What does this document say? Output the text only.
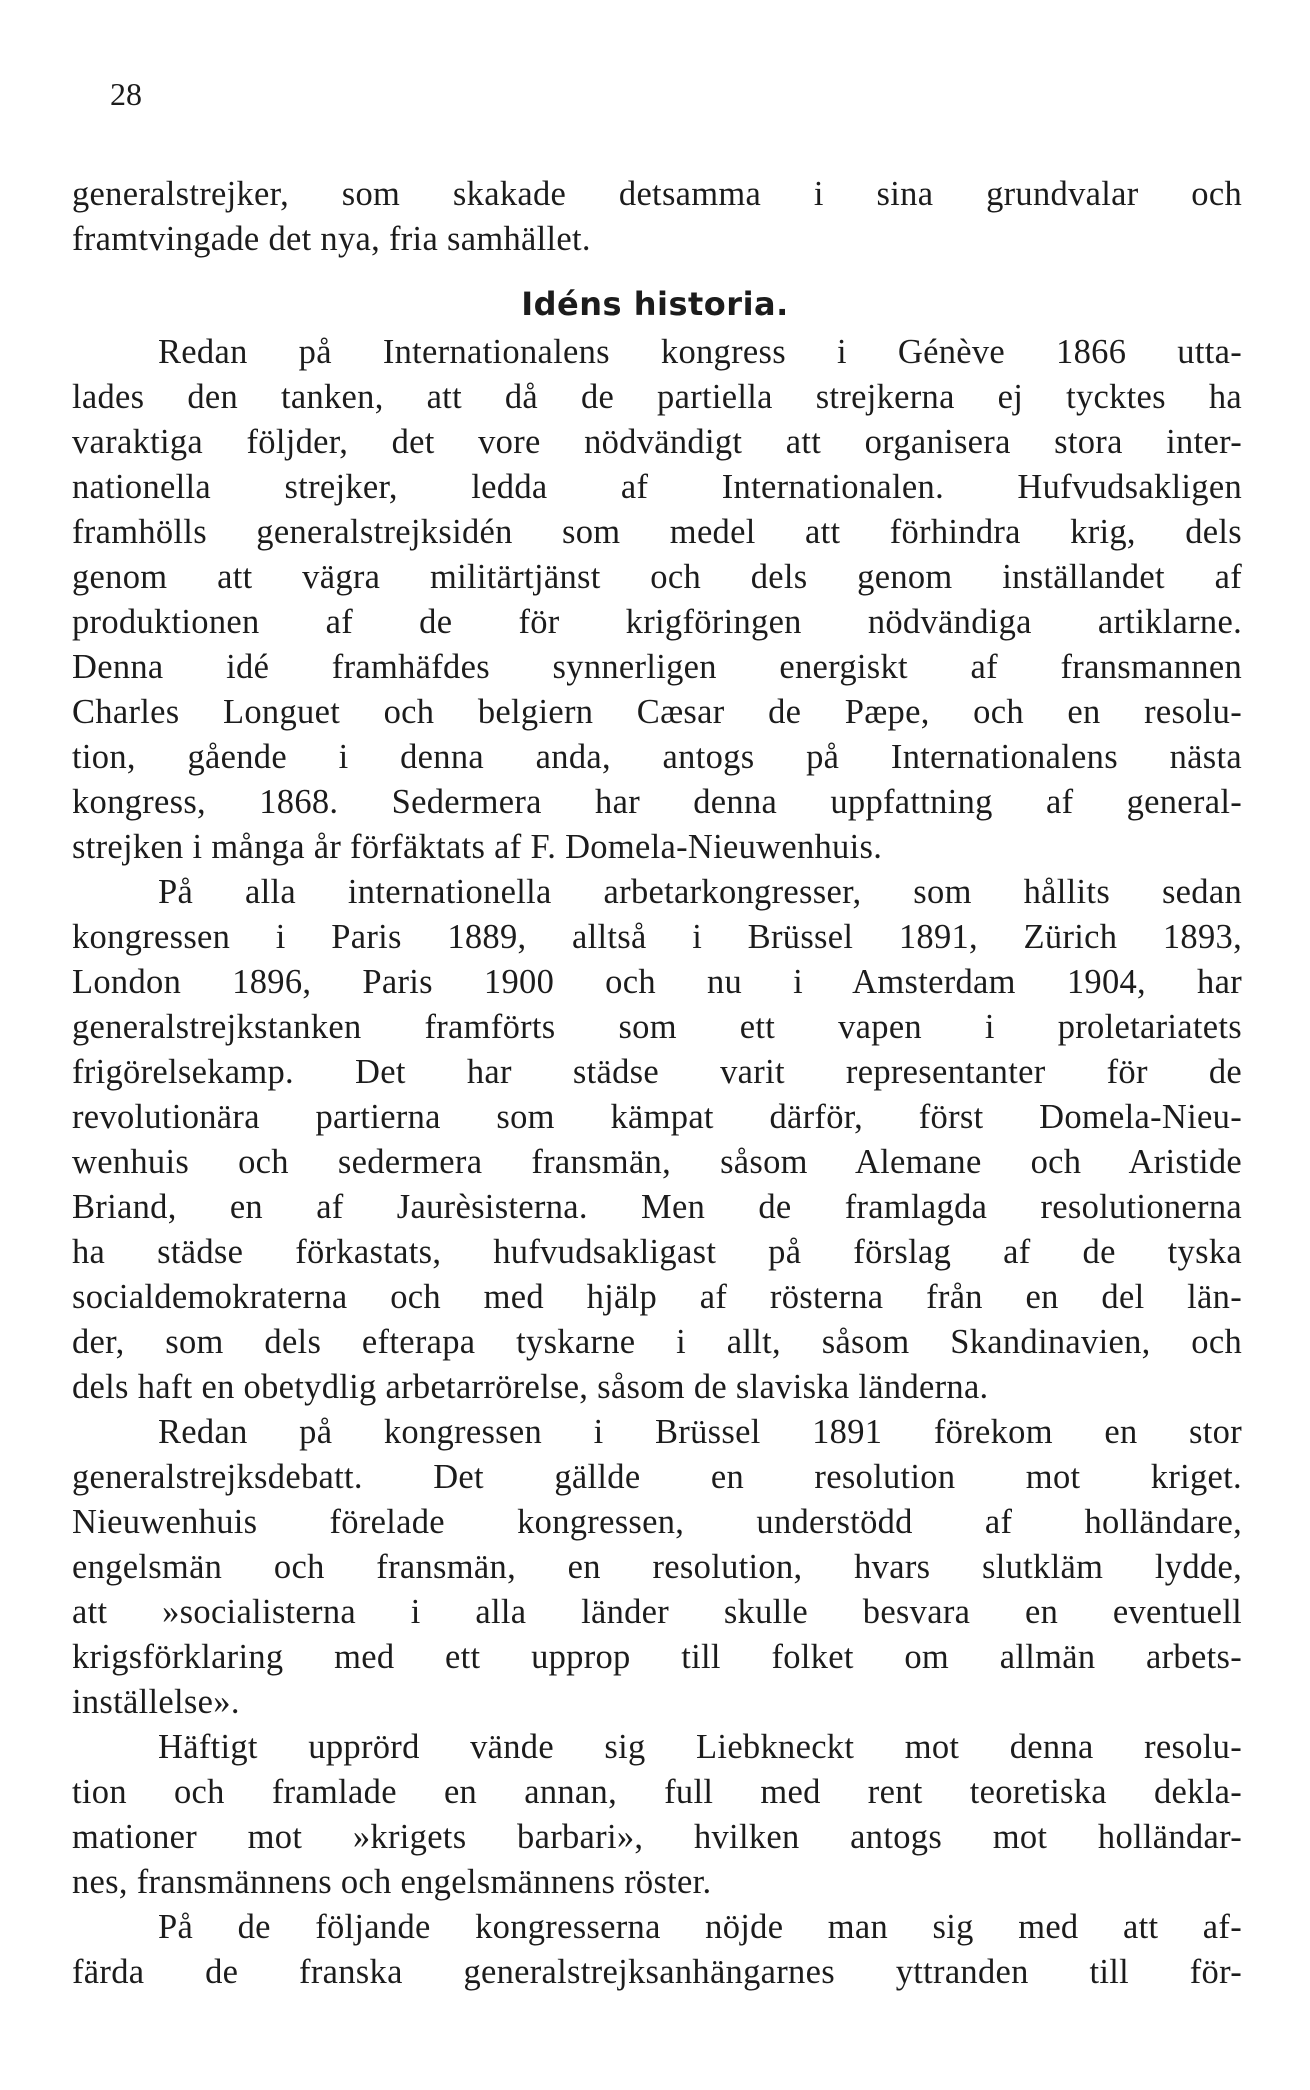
28
generalstrejker, som skakade detsamma i sina grundvalar och
framtvingade det nya, fria samhället.
Idéns historia.
Redan på Internationalens kongress i Génève 1866 utta-
lades den tanken, att då de partiella strejkerna ej tycktes ha
varaktiga följder, det vore nödvändigt att organisera stora inter-
nationella strejker, ledda af Internationalen. Hufvudsakligen
framhölls generalstrejksidén som medel att förhindra krig, dels
genom att vägra militärtjänst och dels genom inställandet af
produktionen af de för krigföringen nödvändiga artiklarne.
Denna idé framhäfdes synnerligen energiskt af fransmannen
Charles Longuet och belgiern Cæsar de Pæpe, och en resolu-
tion, gående i denna anda, antogs på Internationalens nästa
kongress, 1868. Sedermera har denna uppfattning af general-
strejken i många år förfäktats af F. Domela-Nieuwenhuis.
På alla internationella arbetarkongresser, som hållits sedan
kongressen i Paris 1889, alltså i Brüssel 1891, Zürich 1893,
London 1896, Paris 1900 och nu i Amsterdam 1904, har
generalstrejkstanken framförts som ett vapen i proletariatets
frigörelsekamp. Det har städse varit representanter för de
revolutionära partierna som kämpat därför, först Domela-Nieu-
wenhuis och sedermera fransmän, såsom Alemane och Aristide
Briand, en af Jaurèsisterna. Men de framlagda resolutionerna
ha städse förkastats, hufvudsakligast på förslag af de tyska
socialdemokraterna och med hjälp af rösterna från en del län-
der, som dels efterapa tyskarne i allt, såsom Skandinavien, och
dels haft en obetydlig arbetarrörelse, såsom de slaviska länderna.
Redan på kongressen i Brüssel 1891 förekom en stor
generalstrejksdebatt. Det gällde en resolution mot kriget.
Nieuwenhuis förelade kongressen, understödd af holländare,
engelsmän och fransmän, en resolution, hvars slutkläm lydde,
att »socialisterna i alla länder skulle besvara en eventuell
krigsförklaring med ett upprop till folket om allmän arbets-
inställelse».
Häftigt upprörd vände sig Liebkneckt mot denna resolu-
tion och framlade en annan, full med rent teoretiska dekla-
mationer mot »krigets barbari», hvilken antogs mot holländar-
nes, fransmännens och engelsmännens röster.
På de följande kongresserna nöjde man sig med att af-
färda de franska generalstrejksanhängarnes yttranden till för-
